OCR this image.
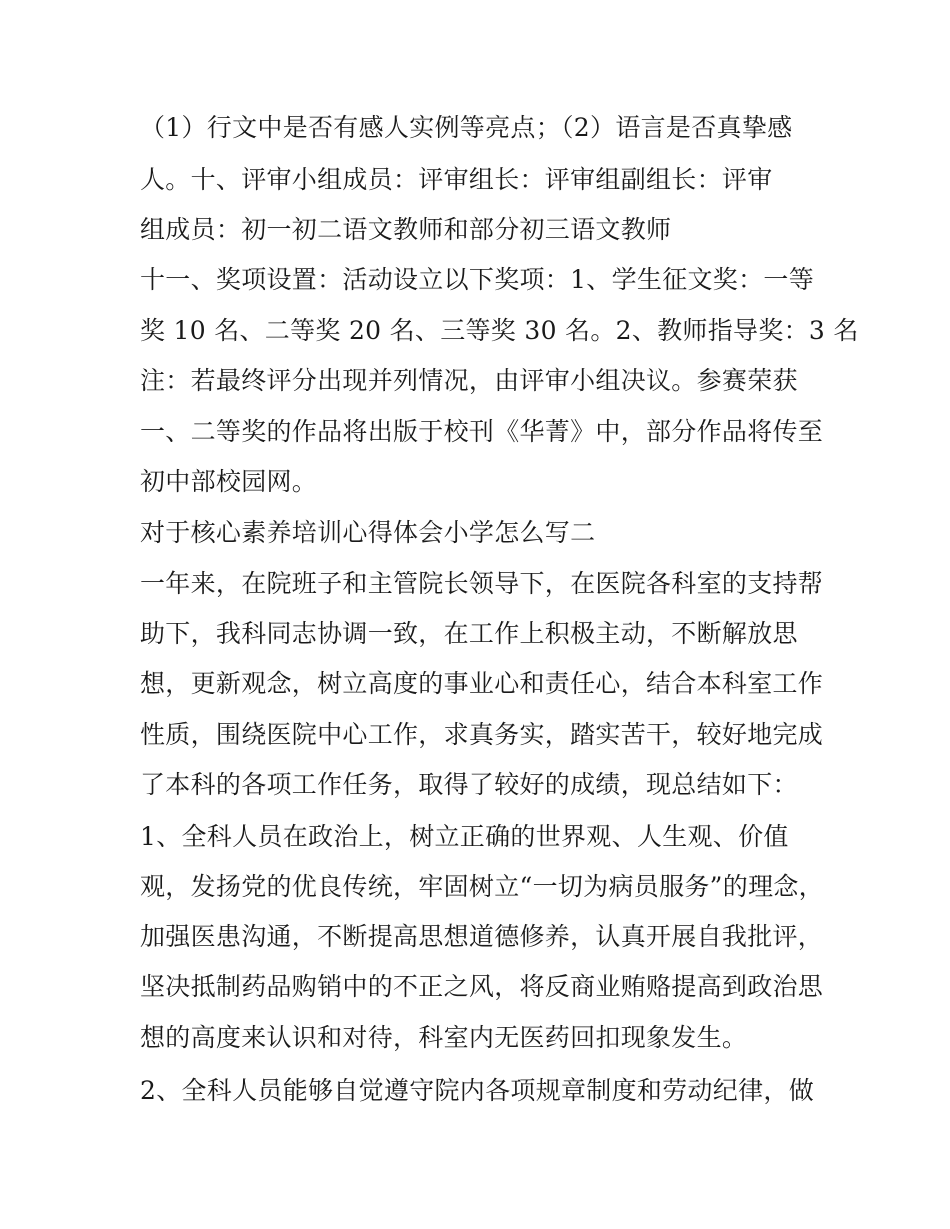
（1）行文中是否有感人实例等亮点；（2）语言是否真挚感
人。十、评审小组成员：评审组长：评审组副组长：评审
组成员：初一初二语文教师和部分初三语文教师
十一、奖项设置：活动设立以下奖项：1、学生征文奖：一等
奖 10 名、二等奖 20 名、三等奖 30 名。2、教师指导奖：3 名
注：若最终评分出现并列情况，由评审小组决议。参赛荣获
一、二等奖的作品将出版于校刊《华菁》中，部分作品将传至
初中部校园网。
对于核心素养培训心得体会小学怎么写二
一年来，在院班子和主管院长领导下，在医院各科室的支持帮
助下，我科同志协调一致，在工作上积极主动，不断解放思
想，更新观念，树立高度的事业心和责任心，结合本科室工作
性质，围绕医院中心工作，求真务实，踏实苦干，较好地完成
了本科的各项工作任务，取得了较好的成绩，现总结如下：
1、全科人员在政治上，树立正确的世界观、人生观、价值
观，发扬党的优良传统，牢固树立“一切为病员服务”的理念，
加强医患沟通，不断提高思想道德修养，认真开展自我批评，
坚决抵制药品购销中的不正之风，将反商业贿赂提高到政治思
想的高度来认识和对待，科室内无医药回扣现象发生。
2、全科人员能够自觉遵守院内各项规章制度和劳动纪律，做
